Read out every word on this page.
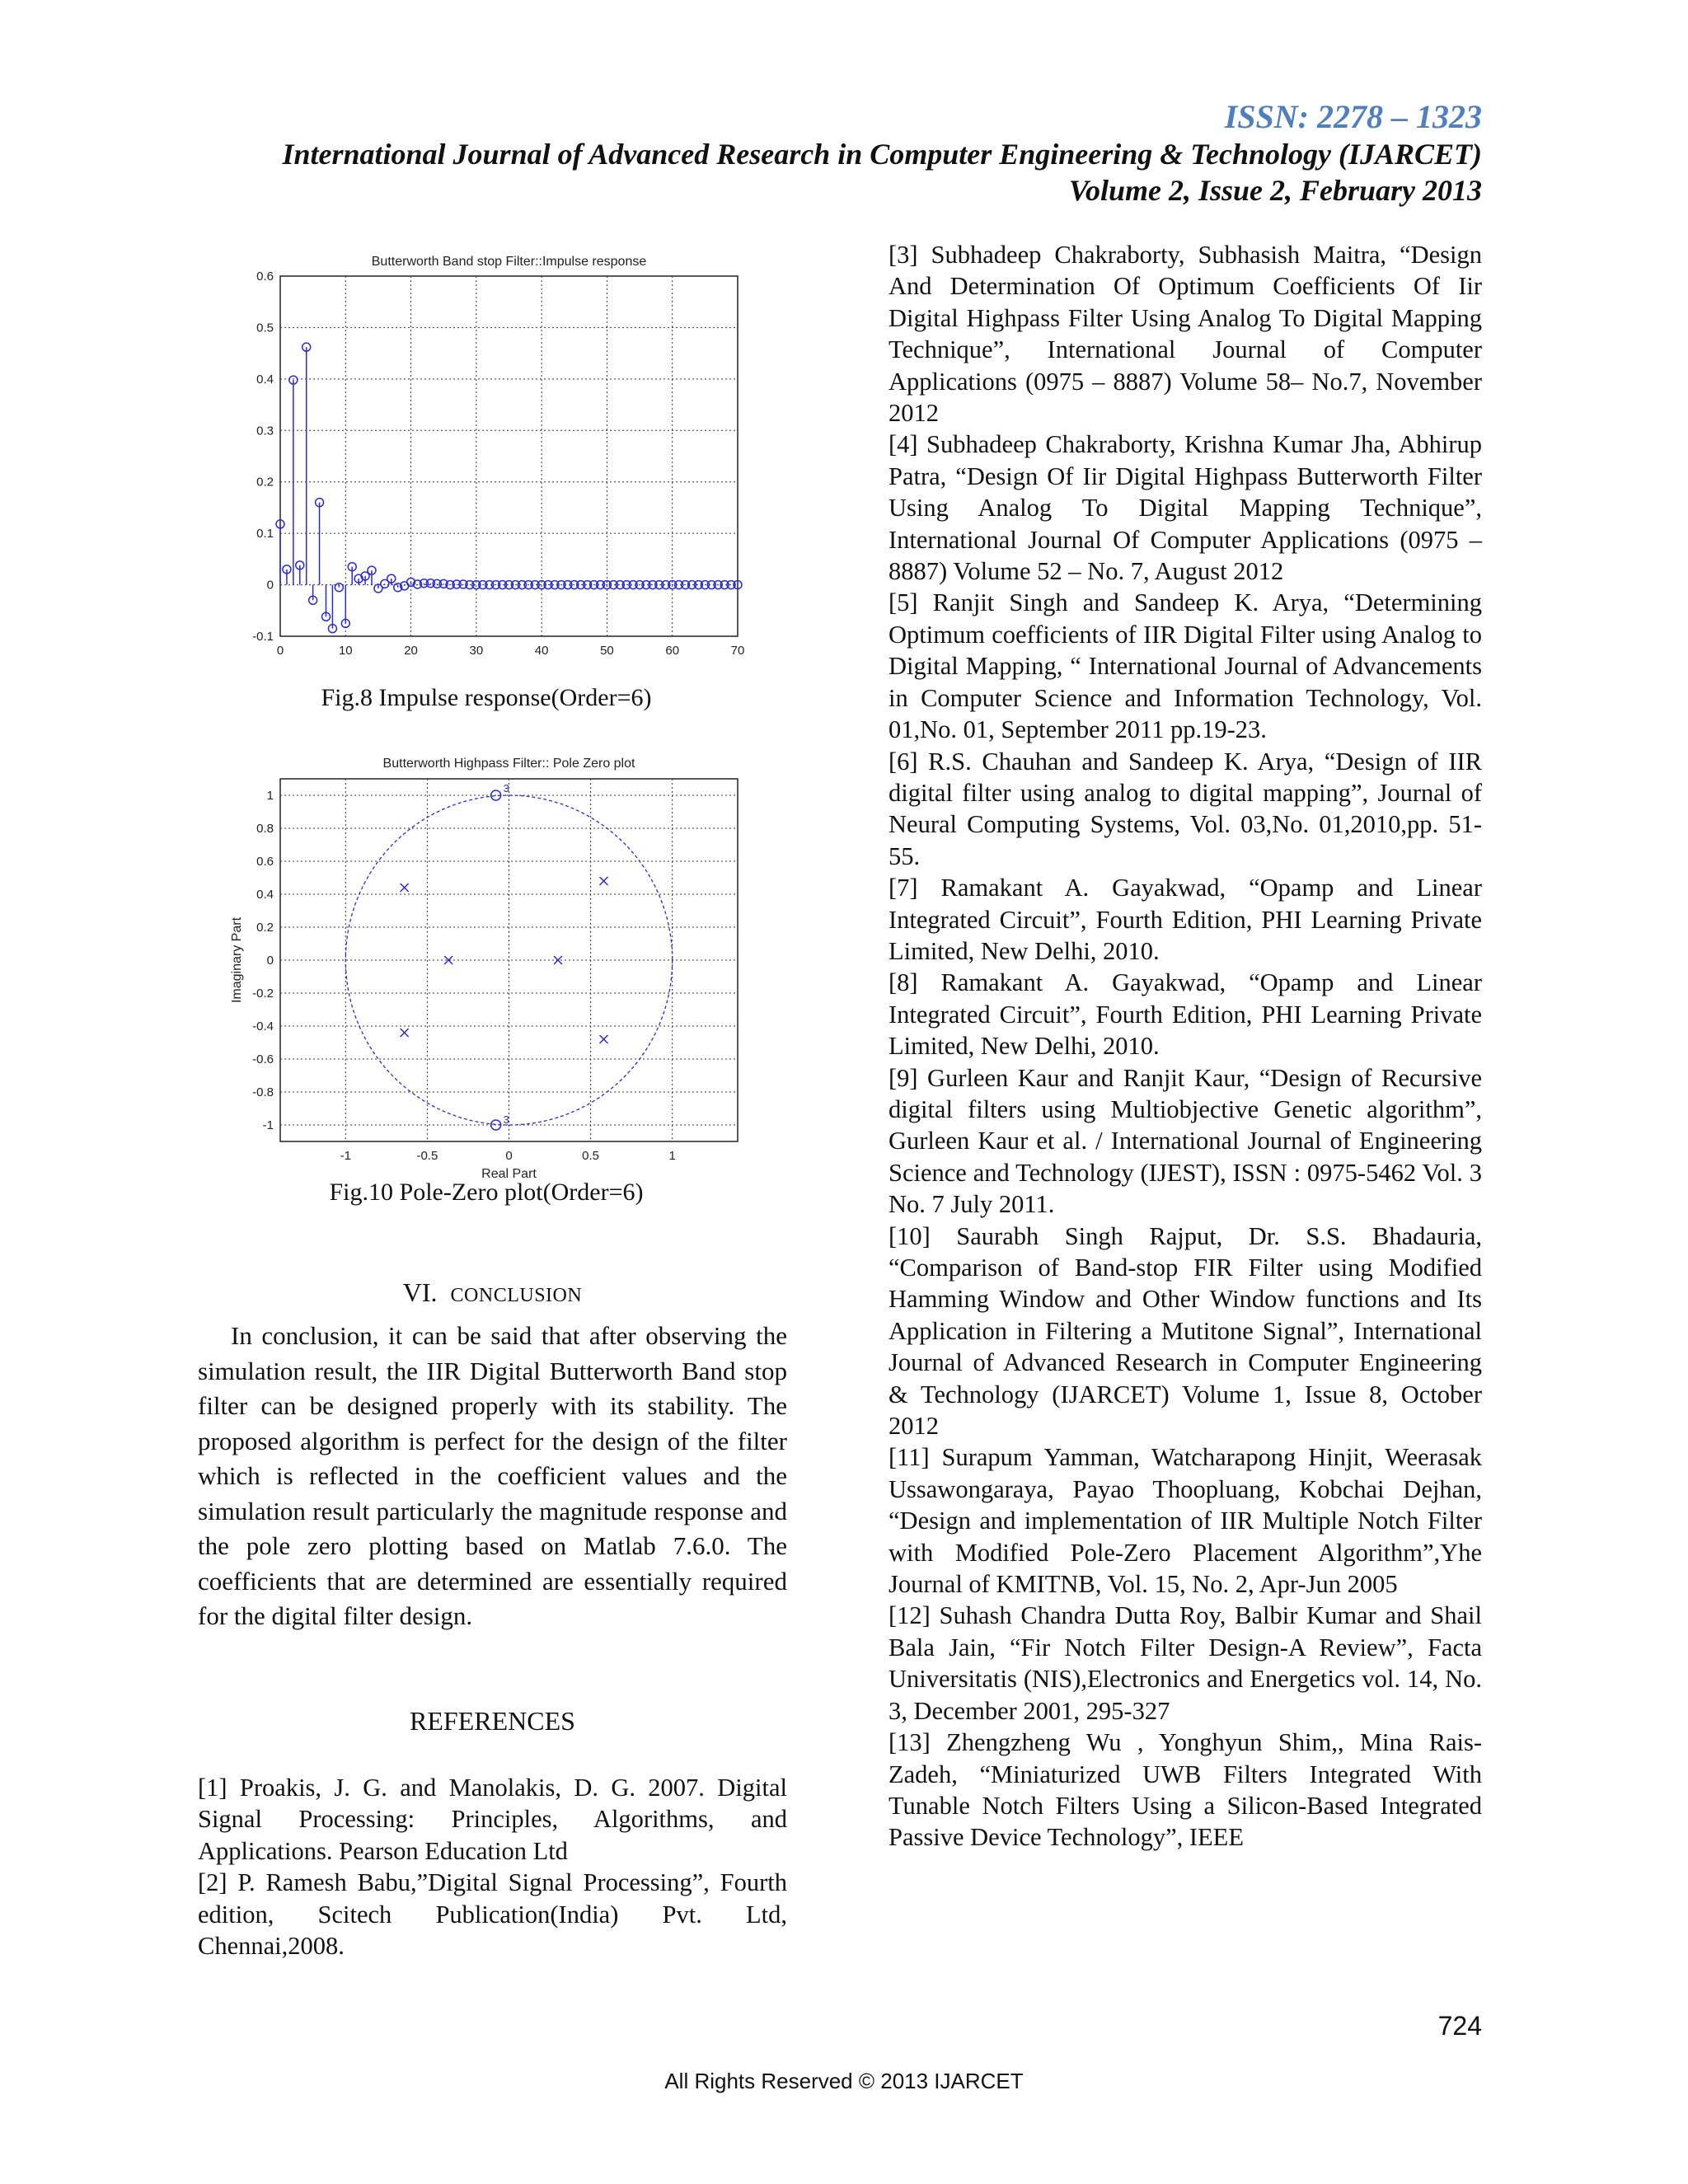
ISSN: 2278 – 1323
International Journal of Advanced Research in Computer Engineering & Technology (IJARCET)
Volume 2, Issue 2, February 2013
Butterworth Band stop Filter::Impulse response
0	10	20	30	40	50	60	70
0.6
0.5
0.4
0.3
0.2
0.1
0
-0.1
Fig.8 Impulse response(Order=6)
Butterworth Highpass Filter:: Pole Zero plot
-1	-0.5	0	0.5	1
1
0.8
0.6
0.4
0.2
0
-0.2
-0.4
-0.6
-0.8
-1
Real Part
Imaginary Part
3
3
Fig.10 Pole-Zero plot(Order=6)
VI. CONCLUSION

In conclusion, it can be said that after observing the simulation result, the IIR Digital Butterworth Band stop filter can be designed properly with its stability. The proposed algorithm is perfect for the design of the filter which is reflected in the coefficient values and the simulation result particularly the magnitude response and the pole zero plotting based on Matlab 7.6.0. The coefficients that are determined are essentially required for the digital filter design.

REFERENCES

[1] Proakis, J. G. and Manolakis, D. G. 2007. Digital Signal Processing: Principles, Algorithms, and Applications. Pearson Education Ltd

[2] P. Ramesh Babu,”Digital Signal Processing”, Fourth edition, Scitech Publication(India) Pvt. Ltd, Chennai,2008.

[3] Subhadeep Chakraborty, Subhasish Maitra, “Design And Determination Of Optimum Coefficients Of Iir Digital Highpass Filter Using Analog To Digital Mapping Technique”, International Journal of Computer Applications (0975 – 8887) Volume 58– No.7, November 2012

[4] Subhadeep Chakraborty, Krishna Kumar Jha, Abhirup Patra, “Design Of Iir Digital Highpass Butterworth Filter Using Analog To Digital Mapping Technique”, International Journal Of Computer Applications (0975 – 8887) Volume 52 – No. 7, August 2012

[5] Ranjit Singh and Sandeep K. Arya, “Determining Optimum coefficients of IIR Digital Filter using Analog to Digital Mapping, “ International Journal of Advancements in Computer Science and Information Technology, Vol. 01,No. 01, September 2011 pp.19-23.

[6] R.S. Chauhan and Sandeep K. Arya, “Design of IIR digital filter using analog to digital mapping”, Journal of Neural Computing Systems, Vol. 03,No. 01,2010,pp. 51-55.

[7] Ramakant A. Gayakwad, “Opamp and Linear Integrated Circuit”, Fourth Edition, PHI Learning Private Limited, New Delhi, 2010.

[8] Ramakant A. Gayakwad, “Opamp and Linear Integrated Circuit”, Fourth Edition, PHI Learning Private Limited, New Delhi, 2010.

[9] Gurleen Kaur and Ranjit Kaur, “Design of Recursive digital filters using Multiobjective Genetic algorithm”, Gurleen Kaur et al. / International Journal of Engineering Science and Technology (IJEST), ISSN : 0975-5462 Vol. 3 No. 7 July 2011.

[10] Saurabh Singh Rajput, Dr. S.S. Bhadauria, “Comparison of Band-stop FIR Filter using Modified Hamming Window and Other Window functions and Its Application in Filtering a Mutitone Signal”, International Journal of Advanced Research in Computer Engineering & Technology (IJARCET) Volume 1, Issue 8, October 2012

[11] Surapum Yamman, Watcharapong Hinjit, Weerasak Ussawongaraya, Payao Thoopluang, Kobchai Dejhan, “Design and implementation of IIR Multiple Notch Filter with Modified Pole-Zero Placement Algorithm”,Yhe Journal of KMITNB, Vol. 15, No. 2, Apr-Jun 2005

[12] Suhash Chandra Dutta Roy, Balbir Kumar and Shail Bala Jain, “Fir Notch Filter Design-A Review”, Facta Universitatis (NIS),Electronics and Energetics vol. 14, No. 3, December 2001, 295-327

[13] Zhengzheng Wu , Yonghyun Shim,, Mina Rais-Zadeh, “Miniaturized UWB Filters Integrated With Tunable Notch Filters Using a Silicon-Based Integrated Passive Device Technology”, IEEE

724
All Rights Reserved © 2013 IJARCET
